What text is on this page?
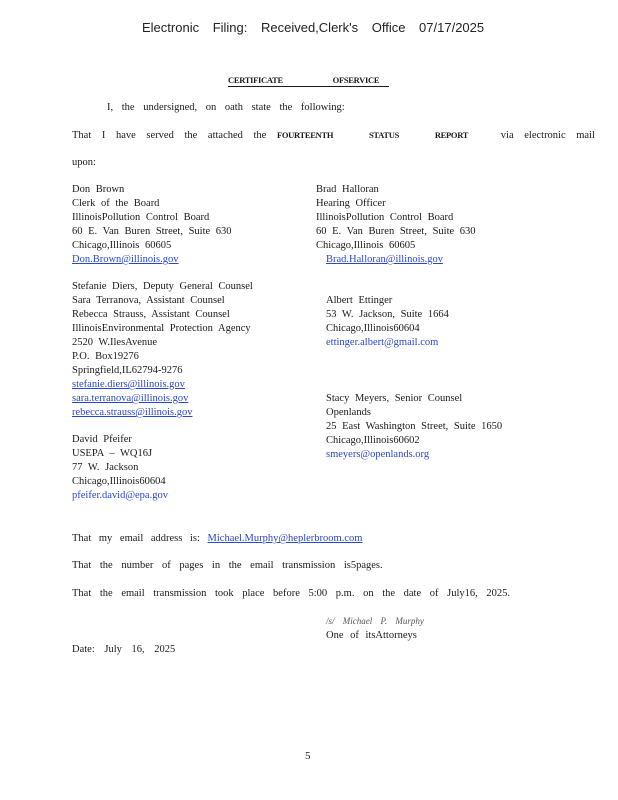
Electronic Filing: Received,Clerk's Office 07/17/2025
CERTIFICATE OFSERVICE
I, the undersigned, on oath state the following:
That I have served the attached the FOURTEENTH STATUS REPORT	via electronic mail
upon:
Don Brown
Clerk of the Board
IllinoisPollution Control Board
60 E. Van Buren Street, Suite 630
Chicago,Illinois 60605
Don.Brown@illinois.gov
Stefanie Diers, Deputy General Counsel
Sara Terranova, Assistant Counsel
Rebecca Strauss, Assistant Counsel
IllinoisEnvironmental Protection Agency
2520 W.IlesAvenue
P.O. Box19276
Springfield,IL62794-9276
stefanie.diers@illinois.gov
sara.terranova@illinois.gov
rebecca.strauss@illinois.gov
David Pfeifer
USEPA – WQ16J
77 W. Jackson
Chicago,Illinois60604
pfeifer.david@epa.gov
Brad Halloran
Hearing Officer
IllinoisPollution Control Board
60 E. Van Buren Street, Suite 630
Chicago,Illinois 60605
Brad.Halloran@illinois.gov
Albert Ettinger
53 W. Jackson, Suite 1664
Chicago,Illinois60604
ettinger.albert@gmail.com
Stacy Meyers, Senior Counsel
Openlands
25 East Washington Street, Suite 1650
Chicago,Illinois60602
smeyers@openlands.org
That my email address is: Michael.Murphy@heplerbroom.com
That the number of pages in the email transmission is5pages.
That the email transmission took place before 5:00 p.m. on the date of July16, 2025.
/s/ Michael P. Murphy
One of itsAttorneys
Date: July 16, 2025
5
